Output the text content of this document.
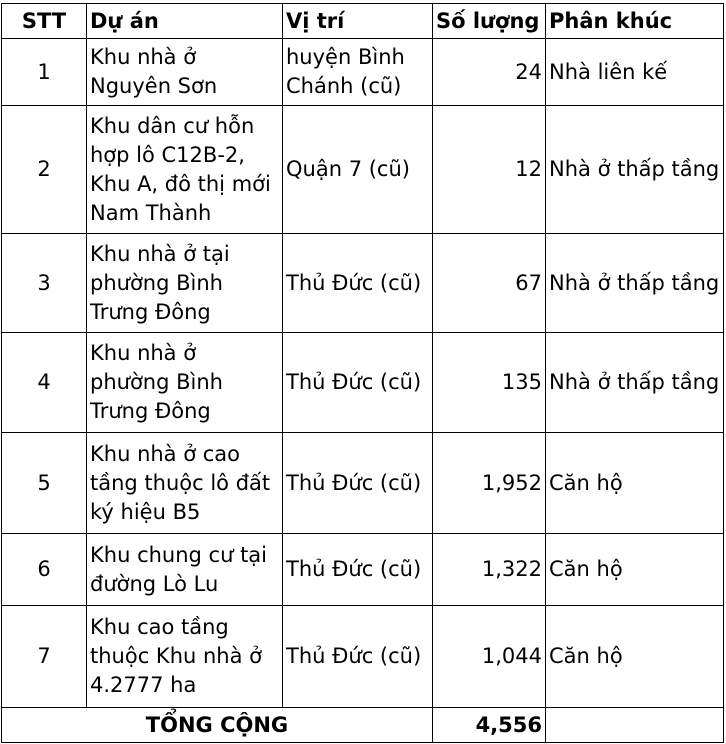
STT	Dự án	Vị trí	Số lượng	Phân khúc
1	Khu nhà ở Nguyên Sơn	huyện Bình Chánh (cũ)	24	Nhà liên kế
2	Khu dân cư hỗn hợp lô C12B-2, Khu A, đô thị mới Nam Thành	Quận 7 (cũ)	12	Nhà ở thấp tầng
3	Khu nhà ở tại phường Bình Trưng Đông	Thủ Đức (cũ)	67	Nhà ở thấp tầng
4	Khu nhà ở phường Bình Trưng Đông	Thủ Đức (cũ)	135	Nhà ở thấp tầng
5	Khu nhà ở cao tầng thuộc lô đất ký hiệu B5	Thủ Đức (cũ)	1,952	Căn hộ
6	Khu chung cư tại đường Lò Lu	Thủ Đức (cũ)	1,322	Căn hộ
7	Khu cao tầng thuộc Khu nhà ở 4.2777 ha	Thủ Đức (cũ)	1,044	Căn hộ
TỔNG CỘNG			4,556	
